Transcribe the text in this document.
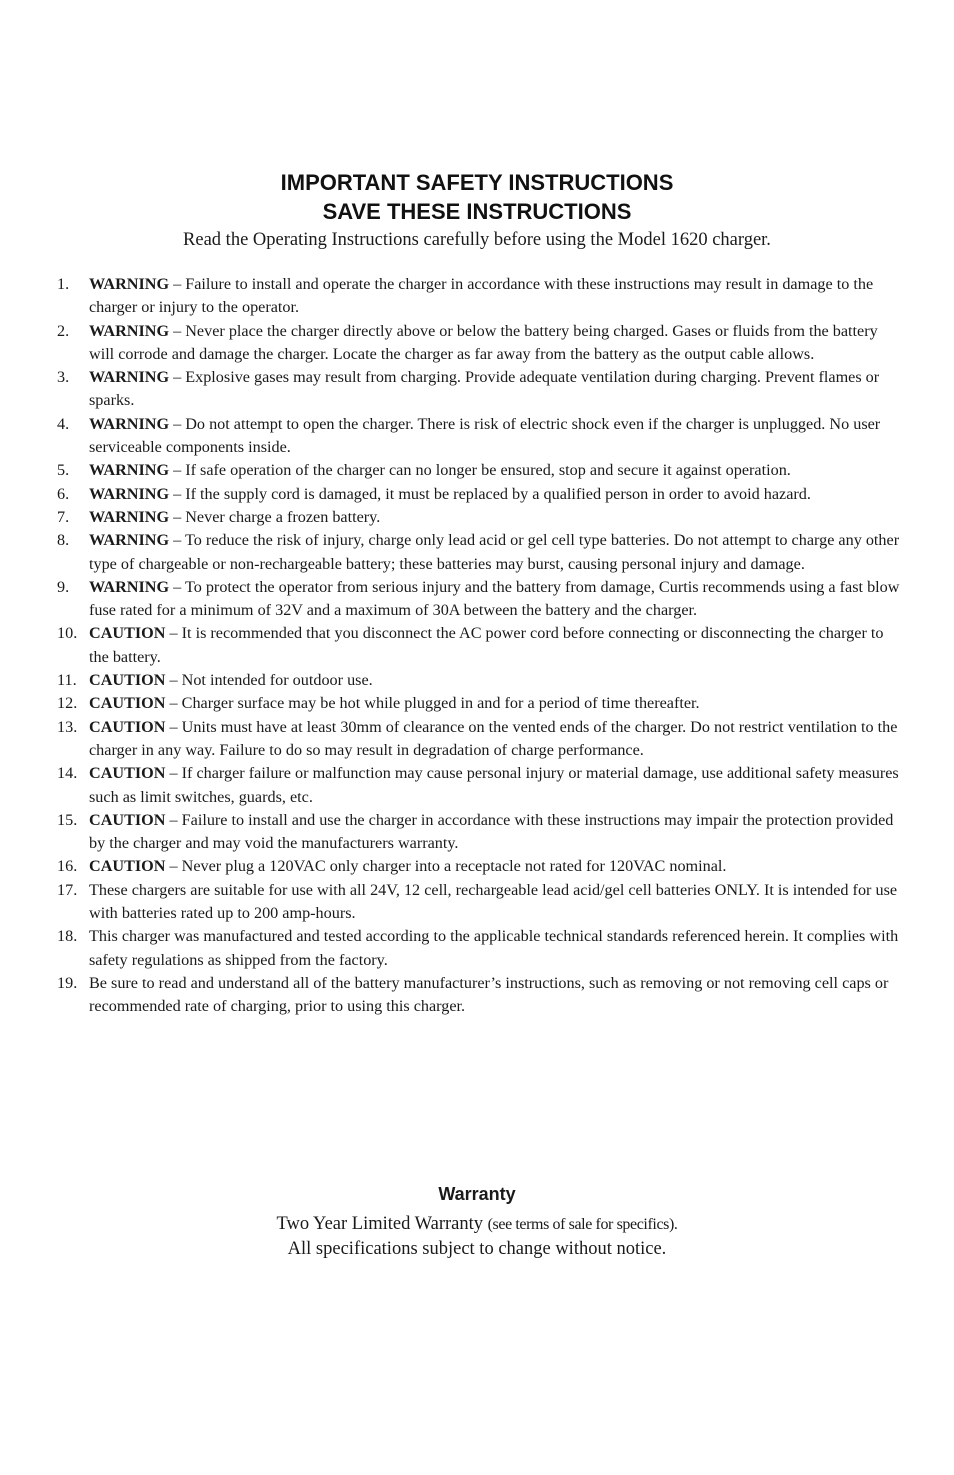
IMPORTANT SAFETY INSTRUCTIONS
SAVE THESE INSTRUCTIONS
Read the Operating Instructions carefully before using the Model 1620 charger.
1. WARNING – Failure to install and operate the charger in accordance with these instructions may result in damage to the charger or injury to the operator.
2. WARNING – Never place the charger directly above or below the battery being charged. Gases or fluids from the battery will corrode and damage the charger. Locate the charger as far away from the battery as the output cable allows.
3. WARNING – Explosive gases may result from charging. Provide adequate ventilation during charging. Prevent flames or sparks.
4. WARNING – Do not attempt to open the charger. There is risk of electric shock even if the charger is unplugged. No user serviceable components inside.
5. WARNING – If safe operation of the charger can no longer be ensured, stop and secure it against operation.
6. WARNING – If the supply cord is damaged, it must be replaced by a qualified person in order to avoid hazard.
7. WARNING – Never charge a frozen battery.
8. WARNING – To reduce the risk of injury, charge only lead acid or gel cell type batteries. Do not attempt to charge any other type of chargeable or non-rechargeable battery; these batteries may burst, causing personal injury and damage.
9. WARNING – To protect the operator from serious injury and the battery from damage, Curtis recommends using a fast blow fuse rated for a minimum of 32V and a maximum of 30A between the battery and the charger.
10. CAUTION – It is recommended that you disconnect the AC power cord before connecting or disconnecting the charger to the battery.
11. CAUTION – Not intended for outdoor use.
12. CAUTION – Charger surface may be hot while plugged in and for a period of time thereafter.
13. CAUTION – Units must have at least 30mm of clearance on the vented ends of the charger. Do not restrict ventilation to the charger in any way. Failure to do so may result in degradation of charge performance.
14. CAUTION – If charger failure or malfunction may cause personal injury or material damage, use additional safety measures such as limit switches, guards, etc.
15. CAUTION – Failure to install and use the charger in accordance with these instructions may impair the protection provided by the charger and may void the manufacturers warranty.
16. CAUTION – Never plug a 120VAC only charger into a receptacle not rated for 120VAC nominal.
17. These chargers are suitable for use with all 24V, 12 cell, rechargeable lead acid/gel cell batteries ONLY. It is intended for use with batteries rated up to 200 amp-hours.
18. This charger was manufactured and tested according to the applicable technical standards referenced herein. It complies with safety regulations as shipped from the factory.
19. Be sure to read and understand all of the battery manufacturer’s instructions, such as removing or not removing cell caps or recommended rate of charging, prior to using this charger.
Warranty
Two Year Limited Warranty (see terms of sale for specifics).
All specifications subject to change without notice.
